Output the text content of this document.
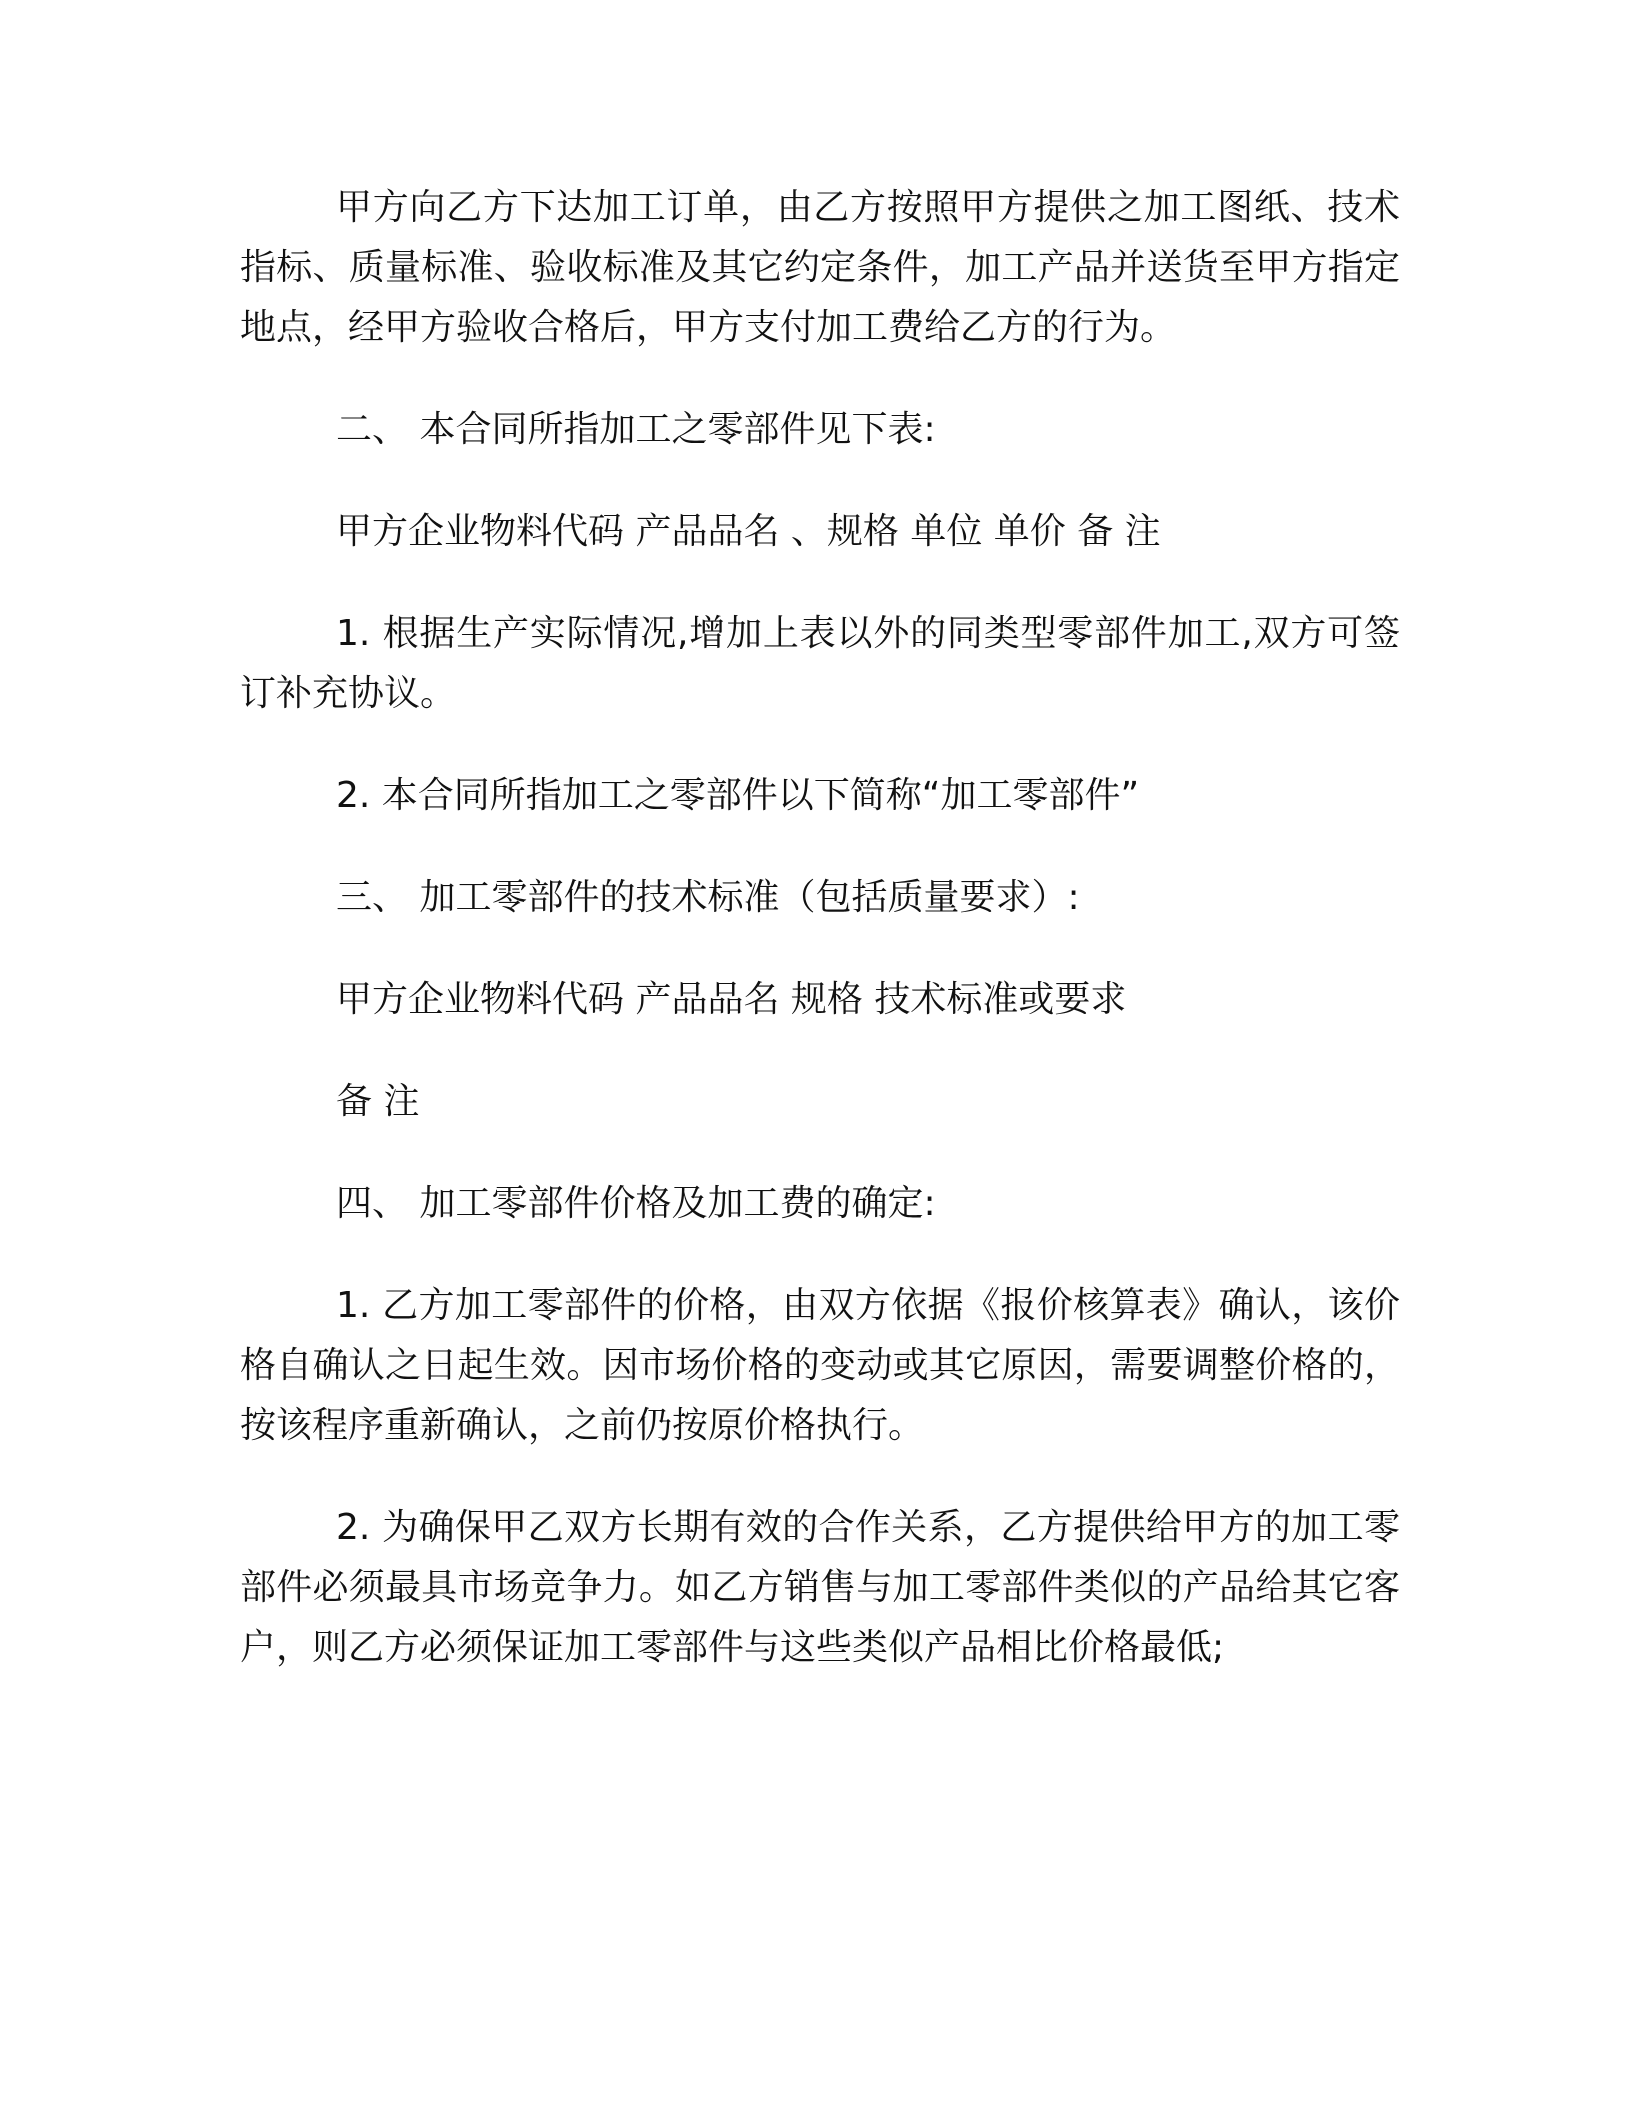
甲方向乙方下达加工订单，由乙方按照甲方提供之加工图纸、技术指标、质量标准、验收标准及其它约定条件，加工产品并送货至甲方指定地点，经甲方验收合格后，甲方支付加工费给乙方的行为。

二、 本合同所指加工之零部件见下表:

甲方企业物料代码 产品品名 、规格 单位 单价 备 注

1. 根据生产实际情况,增加上表以外的同类型零部件加工,双方可签订补充协议。

2. 本合同所指加工之零部件以下简称“加工零部件”

三、 加工零部件的技术标准（包括质量要求）:

甲方企业物料代码 产品品名 规格 技术标准或要求

备 注

四、 加工零部件价格及加工费的确定:

1. 乙方加工零部件的价格，由双方依据《报价核算表》确认，该价格自确认之日起生效。因市场价格的变动或其它原因，需要调整价格的，按该程序重新确认，之前仍按原价格执行。

2. 为确保甲乙双方长期有效的合作关系，乙方提供给甲方的加工零部件必须最具市场竞争力。如乙方销售与加工零部件类似的产品给其它客户，则乙方必须保证加工零部件与这些类似产品相比价格最低;
